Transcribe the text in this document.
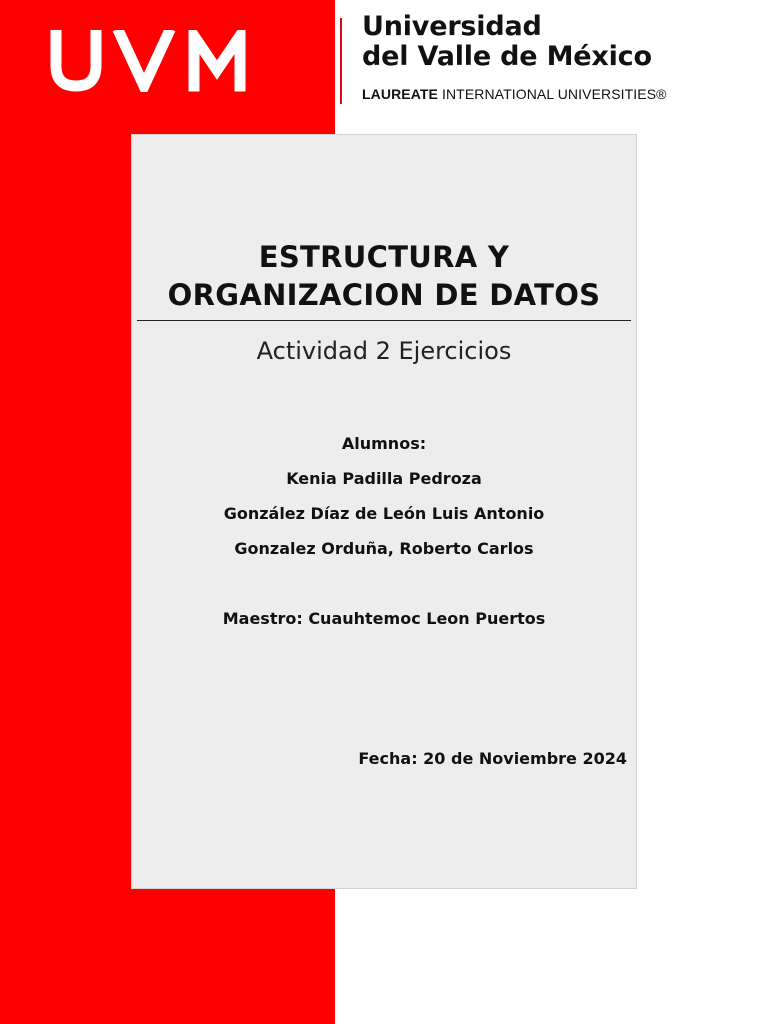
Universidad
del Valle de México
LAUREATE INTERNATIONAL UNIVERSITIES®
ESTRUCTURA Y
ORGANIZACION DE DATOS
Actividad 2 Ejercicios
Alumnos:
Kenia Padilla Pedroza
González Díaz de León Luis Antonio
Gonzalez Orduña, Roberto Carlos
Maestro: Cuauhtemoc Leon Puertos
Fecha: 20 de Noviembre 2024
